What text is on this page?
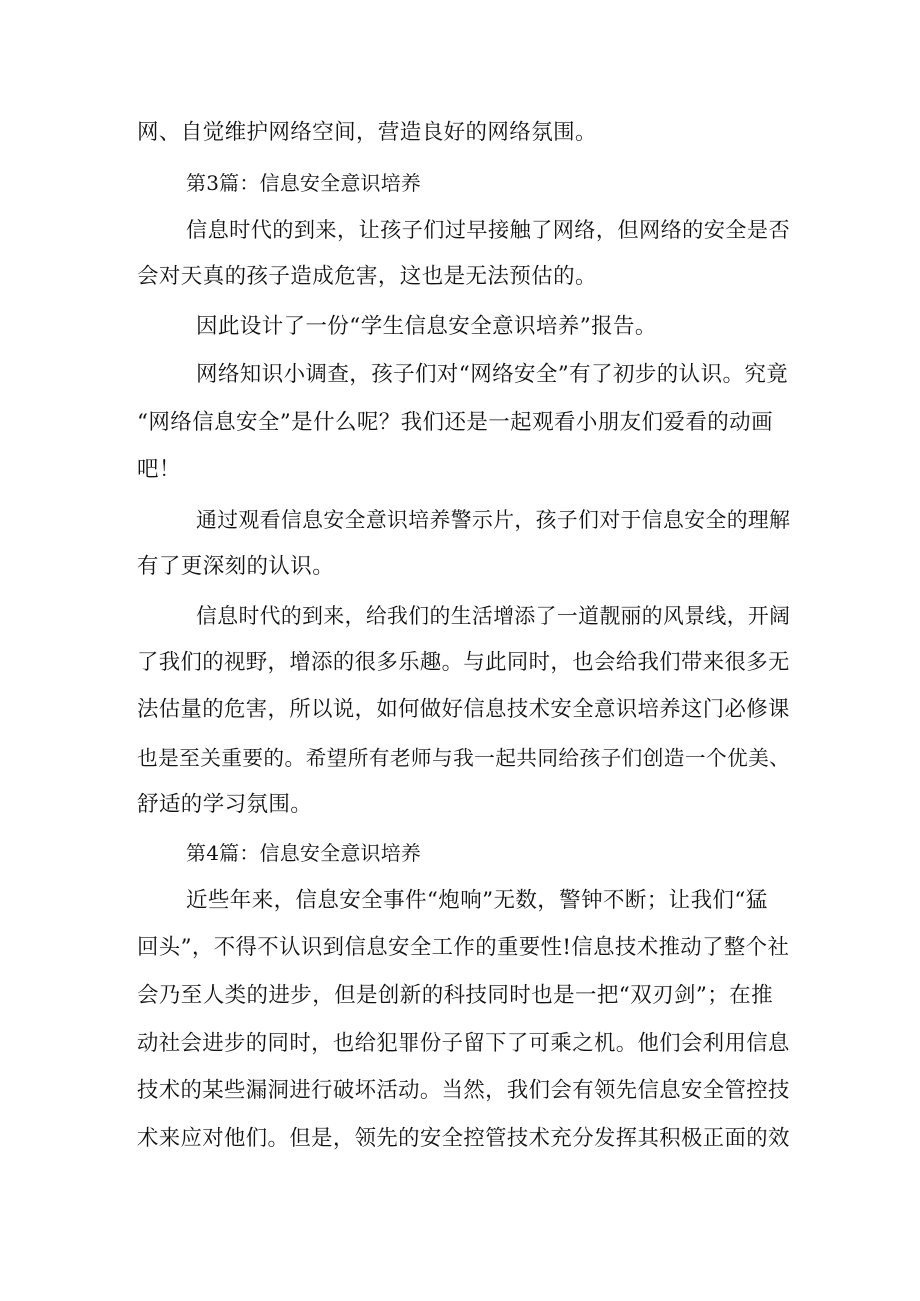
网、自觉维护网络空间，营造良好的网络氛围。
第3篇：信息安全意识培养
信息时代的到来，让孩子们过早接触了网络，但网络的安全是否
会对天真的孩子造成危害，这也是无法预估的。
因此设计了一份“学生信息安全意识培养”报告。
网络知识小调查，孩子们对“网络安全”有了初步的认识。究竟
“网络信息安全”是什么呢？我们还是一起观看小朋友们爱看的动画
吧！
通过观看信息安全意识培养警示片，孩子们对于信息安全的理解
有了更深刻的认识。
信息时代的到来，给我们的生活增添了一道靓丽的风景线，开阔
了我们的视野，增添的很多乐趣。与此同时，也会给我们带来很多无
法估量的危害，所以说，如何做好信息技术安全意识培养这门必修课
也是至关重要的。希望所有老师与我一起共同给孩子们创造一个优美、
舒适的学习氛围。
第4篇：信息安全意识培养
近些年来，信息安全事件“炮响”无数，警钟不断；让我们“猛
回头”，不得不认识到信息安全工作的重要性!信息技术推动了整个社
会乃至人类的进步，但是创新的科技同时也是一把“双刃剑”；在推
动社会进步的同时，也给犯罪份子留下了可乘之机。他们会利用信息
技术的某些漏洞进行破坏活动。当然，我们会有领先信息安全管控技
术来应对他们。但是，领先的安全控管技术充分发挥其积极正面的效
